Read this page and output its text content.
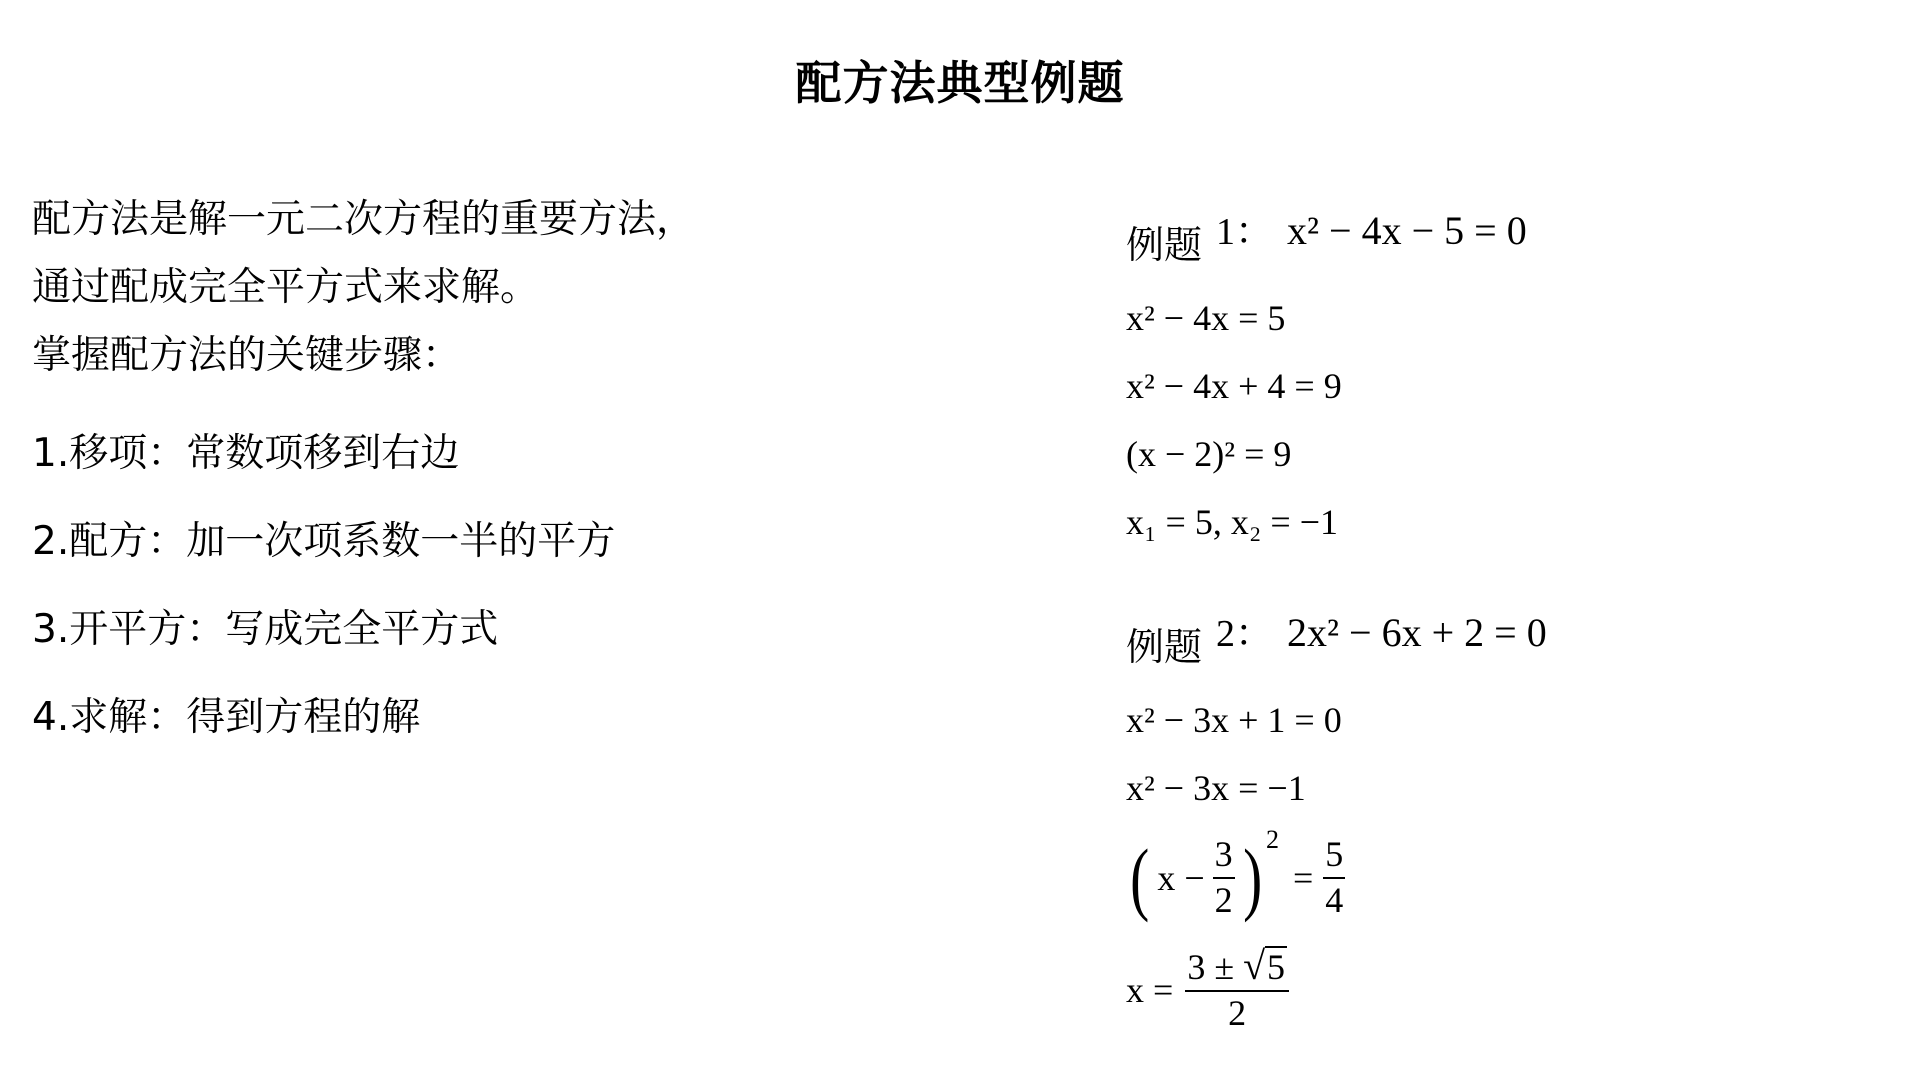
配方法典型例题
配方法是解一元二次方程的重要方法，
通过配成完全平方式来求解。
掌握配方法的关键步骤：
1.移项：常数项移到右边
2.配方：加一次项系数一半的平方
3.开平方：写成完全平方式
4.求解：得到方程的解
例题 1 ： x² − 4x − 5 = 0
x² − 4x = 5
x² − 4x + 4 = 9
(x − 2)² = 9
x₁ = 5, x₂ = −1
例题 2 ： 2x² − 6x + 2 = 0
x² − 3x + 1 = 0
x² − 3x = −1
( $x - \frac{3}{2}$ ) 2
= $\frac{5}{4}$
$x = \frac{3 \pm √ 5}{2}$
